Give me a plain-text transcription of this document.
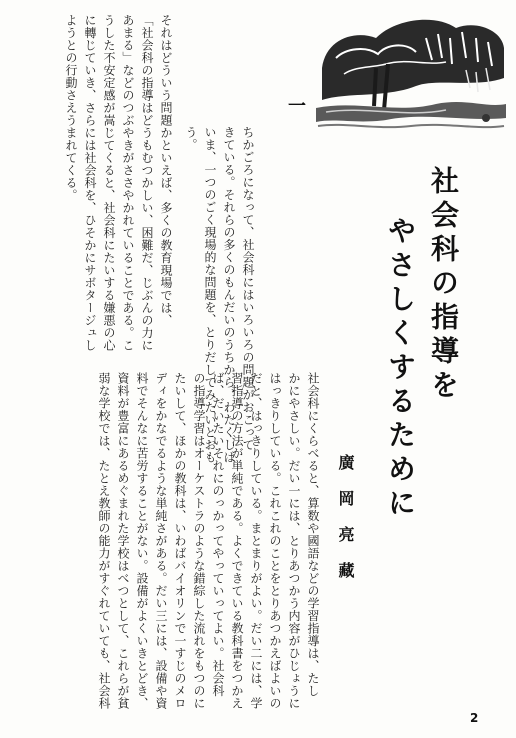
社会科の指導を
やさしくするために
廣岡亮藏
社会科にくらべると、算数や國語などの学習指導は、たし
かにやさしい。だい一には、とりあつかう内容がひじょうに
はっきりしている。これこれのことをとりあつかえばよいの
だと、はっきりしている。まとまりがよい。だい二には、学
習指導の方法が単純である。よくできている教科書をつかえ
ば、だいたいそれにのっかってやっていってよい。社会科
の指導学習はオーケストラのような錯綜した流れをもつのに
たいして、ほかの教科は、いわばバイオリンで一すじのメロ
ディをかなでるような単純さがある。だい三には、設備や資
料でそんなに苦労することがない。設備がよくいきとどき、
資料が豊富にあるめぐまれた学校はべつとして、これらが貧
弱な学校では、たとえ教師の能力がすぐれていても、社会科
一
ちかごろになって、社会科にはいろいろの問題がおこって
きている。それらの多くのもんだいのうちから、わたくしは
いま、一つのごく現場的な問題を、とりだしてみたいとおも
う。
それはどういう問題かといえば、多くの教育現場では、
「社会科の指導はどうもむつかしい、困難だ、じぶんの力に
あまる」などのつぶやきがささやかれていることである。こ
うした不安定感が嵩じてくると、社会科にたいする嫌悪の心
に轉じていき、さらには社会科を、ひそかにサボタージュし
ようとの行動さえうまれてくる。
2
